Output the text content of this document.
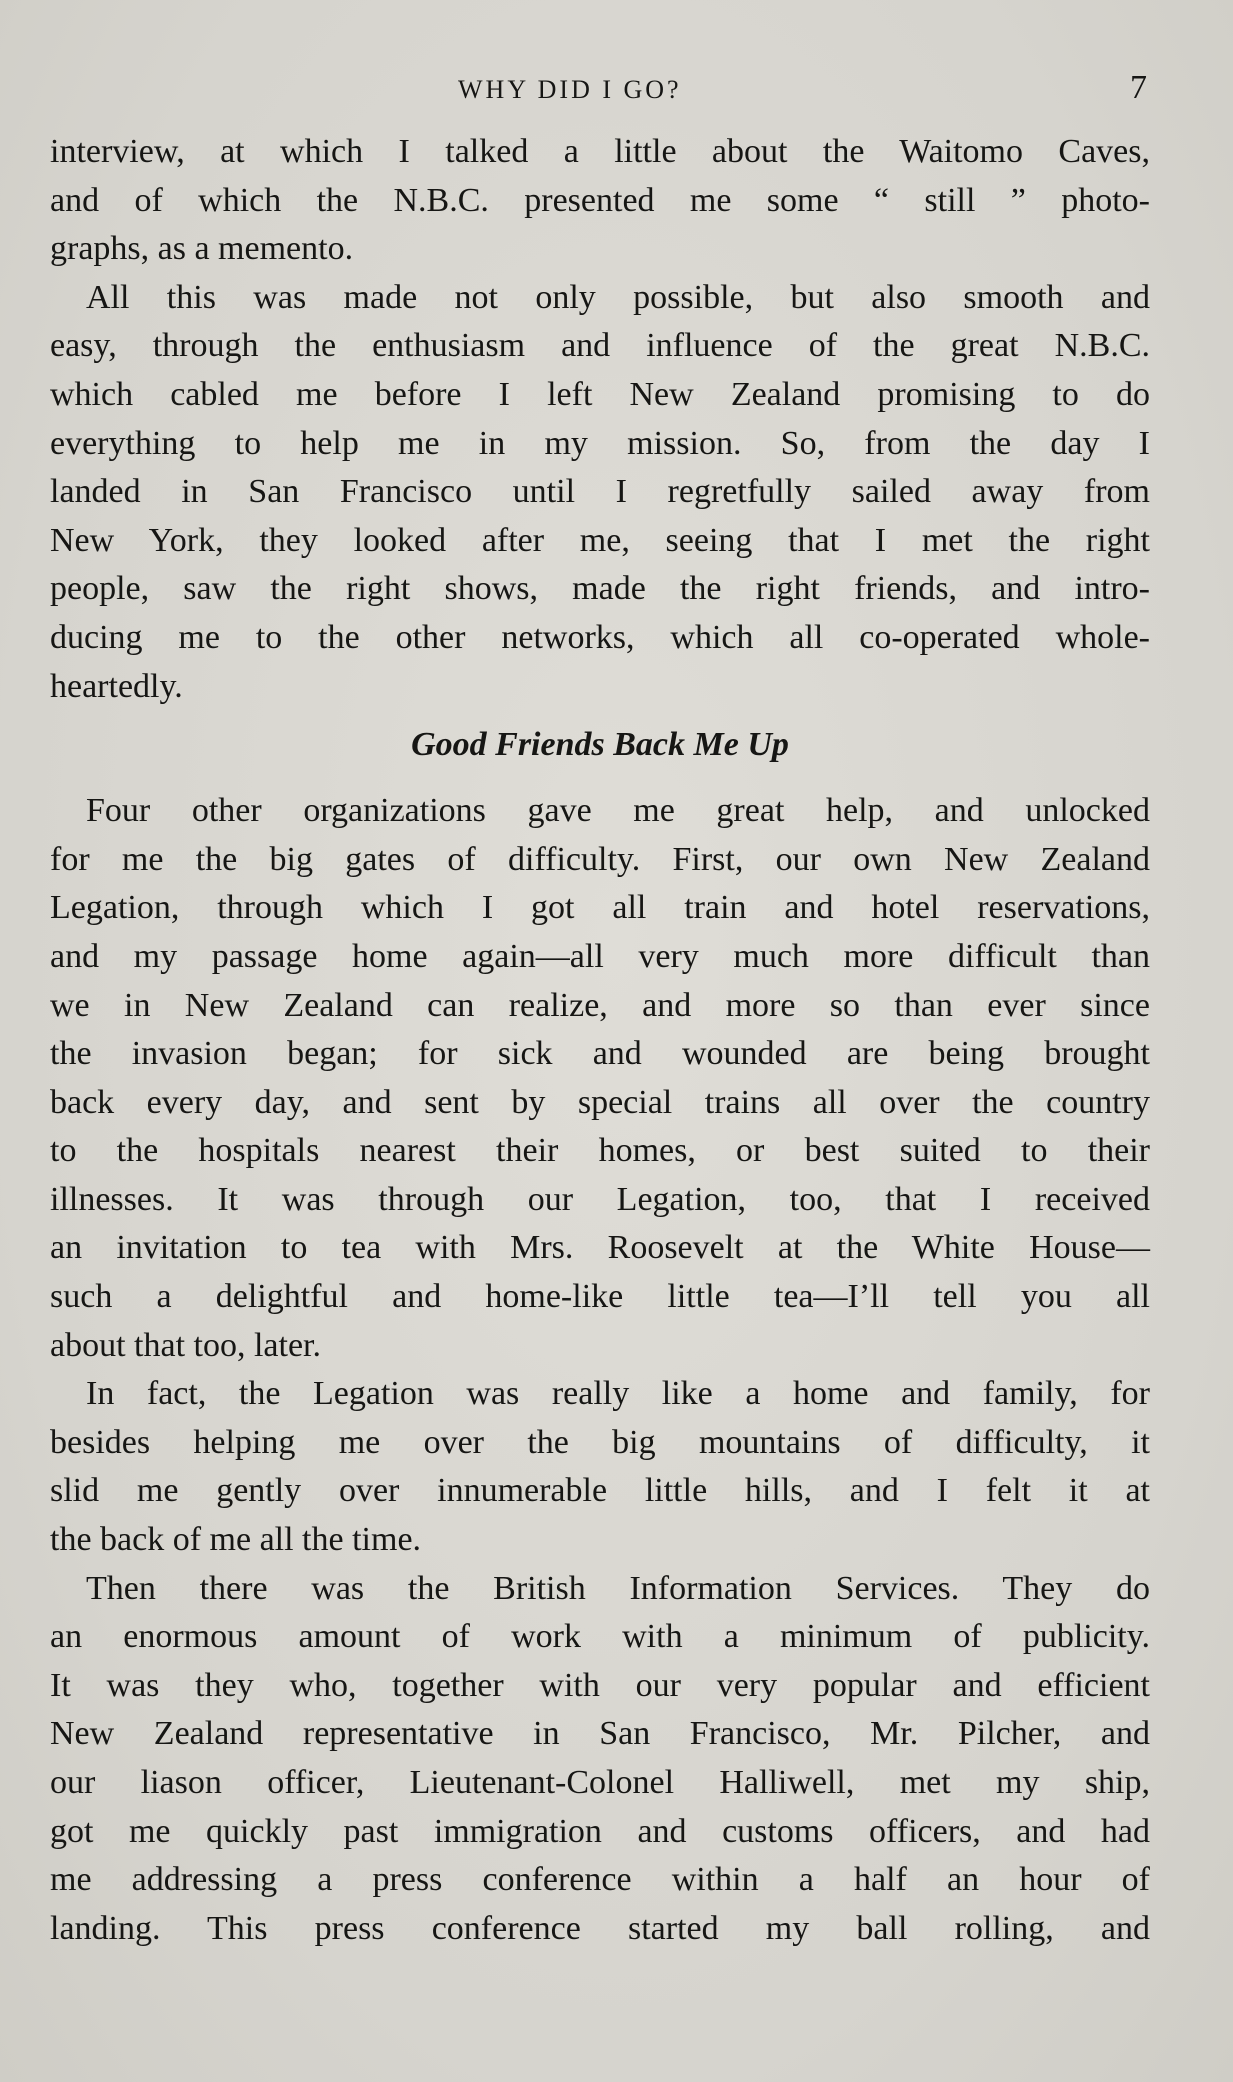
WHY DID I GO?	7

interview, at which I talked a little about the Waitomo Caves,
and of which the N.B.C. presented me some “ still ” photo-
graphs, as a memento.

All this was made not only possible, but also smooth and
easy, through the enthusiasm and influence of the great N.B.C.
which cabled me before I left New Zealand promising to do
everything to help me in my mission. So, from the day I
landed in San Francisco until I regretfully sailed away from
New York, they looked after me, seeing that I met the right
people, saw the right shows, made the right friends, and intro-
ducing me to the other networks, which all co-operated whole-
heartedly.

Good Friends Back Me Up

Four other organizations gave me great help, and unlocked
for me the big gates of difficulty. First, our own New Zealand
Legation, through which I got all train and hotel reservations,
and my passage home again—all very much more difficult than
we in New Zealand can realize, and more so than ever since
the invasion began; for sick and wounded are being brought
back every day, and sent by special trains all over the country
to the hospitals nearest their homes, or best suited to their
illnesses. It was through our Legation, too, that I received
an invitation to tea with Mrs. Roosevelt at the White House—
such a delightful and home-like little tea—I’ll tell you all
about that too, later.

In fact, the Legation was really like a home and family, for
besides helping me over the big mountains of difficulty, it
slid me gently over innumerable little hills, and I felt it at
the back of me all the time.

Then there was the British Information Services. They do
an enormous amount of work with a minimum of publicity.
It was they who, together with our very popular and efficient
New Zealand representative in San Francisco, Mr. Pilcher, and
our liason officer, Lieutenant-Colonel Halliwell, met my ship,
got me quickly past immigration and customs officers, and had
me addressing a press conference within a half an hour of
landing. This press conference started my ball rolling, and
